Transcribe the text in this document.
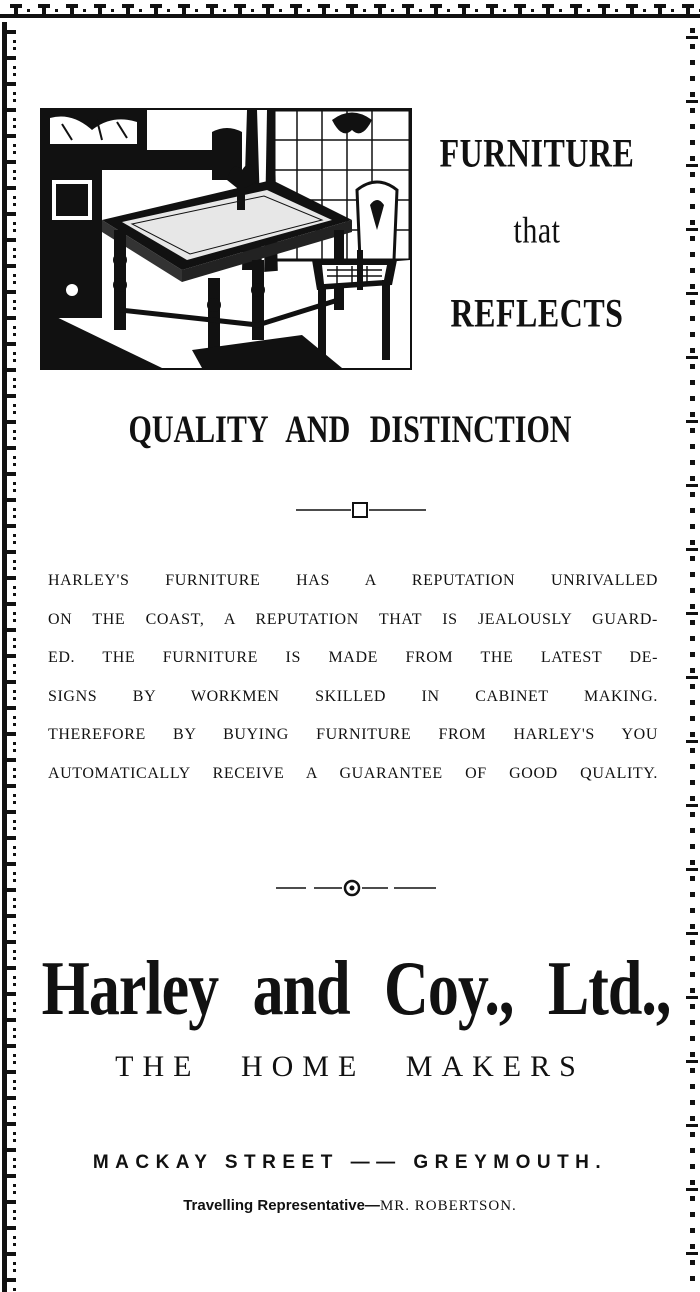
FURNITURE
that
REFLECTS
QUALITY AND DISTINCTION
HARLEY'S FURNITURE HAS A REPUTATION UNRIVALLED
ON THE COAST, A REPUTATION THAT IS JEALOUSLY GUARD-
ED. THE FURNITURE IS MADE FROM THE LATEST DE-
SIGNS BY WORKMEN SKILLED IN CABINET MAKING.
THEREFORE BY BUYING FURNITURE FROM HARLEY'S YOU
AUTOMATICALLY RECEIVE A GUARANTEE OF GOOD QUALITY.
Harley and Coy., Ltd.,
THE HOME MAKERS
MACKAY STREET —— GREYMOUTH.
Travelling Representative—MR. ROBERTSON.
